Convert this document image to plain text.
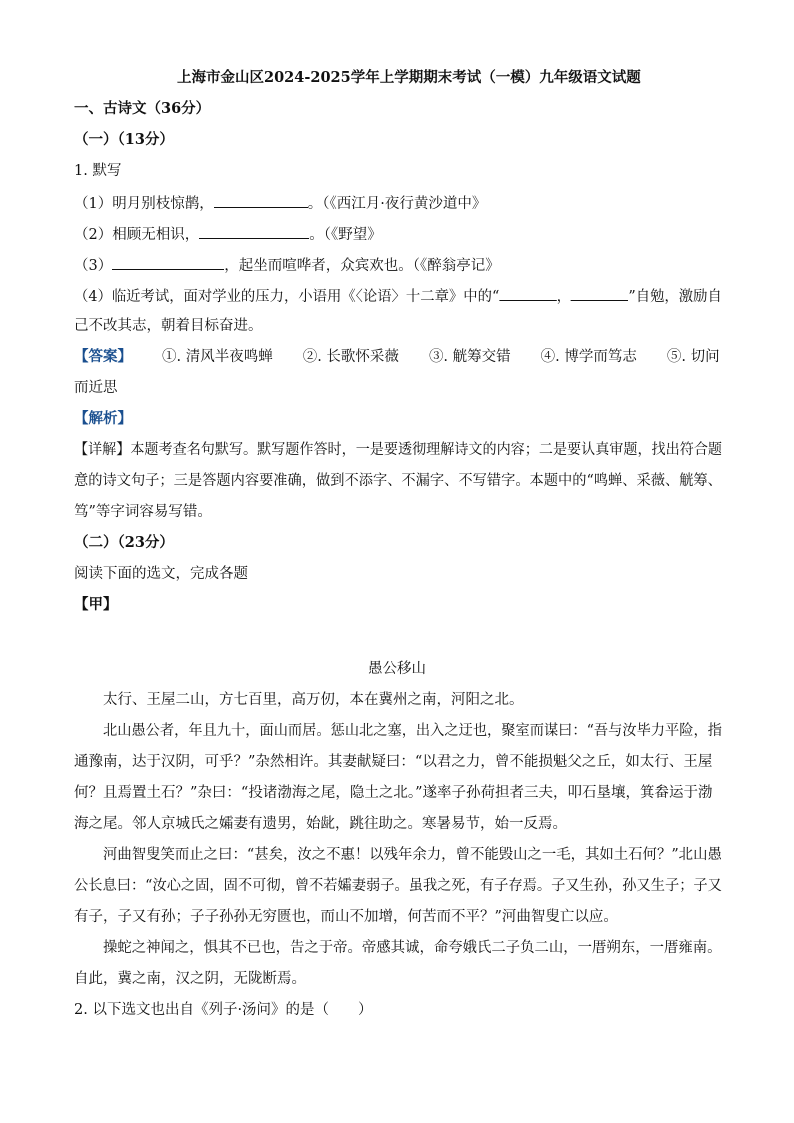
上海市金山区2024-2025学年上学期期末考试（一模）九年级语文试题
一、古诗文（36分）
（一）（13分）
1. 默写
（1）明月别枝惊鹊，	。（《西江月·夜行黄沙道中》
（2）相顾无相识，	。（《野望》
（3）	，起坐而喧哗者，众宾欢也。（《醉翁亭记》
（4）临近考试，面对学业的压力，小语用《〈论语〉十二章》中的“	，	”自勉，激励自
己不改其志，朝着目标奋进。
【答案】 ①. 清风半夜鸣蝉 ②. 长歌怀采薇 ③. 觥筹交错 ④. 博学而笃志 ⑤. 切问
而近思
【解析】
【详解】本题考查名句默写。默写题作答时，一是要透彻理解诗文的内容；二是要认真审题，找出符合题
意的诗文句子；三是答题内容要准确，做到不添字、不漏字、不写错字。本题中的“鸣蝉、采薇、觥筹、
笃”等字词容易写错。
（二）（23分）
阅读下面的选文，完成各题
【甲】
愚公移山
太行、王屋二山，方七百里，高万仞，本在冀州之南，河阳之北。
北山愚公者，年且九十，面山而居。惩山北之塞，出入之迂也，聚室而谋曰：“吾与汝毕力平险，指
通豫南，达于汉阴，可乎？”杂然相许。其妻献疑曰：“以君之力，曾不能损魁父之丘，如太行、王屋
何？且焉置土石？”杂曰：“投诸渤海之尾，隐土之北。”遂率子孙荷担者三夫，叩石垦壤，箕畚运于渤
海之尾。邻人京城氏之孀妻有遗男，始龀，跳往助之。寒暑易节，始一反焉。
河曲智叟笑而止之曰：“甚矣，汝之不惠！以残年余力，曾不能毁山之一毛，其如土石何？”北山愚
公长息曰：“汝心之固，固不可彻，曾不若孀妻弱子。虽我之死，有子存焉。子又生孙，孙又生子；子又
有子，子又有孙；子子孙孙无穷匮也，而山不加增，何苦而不平？”河曲智叟亡以应。
操蛇之神闻之，惧其不已也，告之于帝。帝感其诚，命夸娥氏二子负二山，一厝朔东，一厝雍南。
自此，冀之南，汉之阴，无陇断焉。
2. 以下选文也出自《列子·汤问》的是（　　）
